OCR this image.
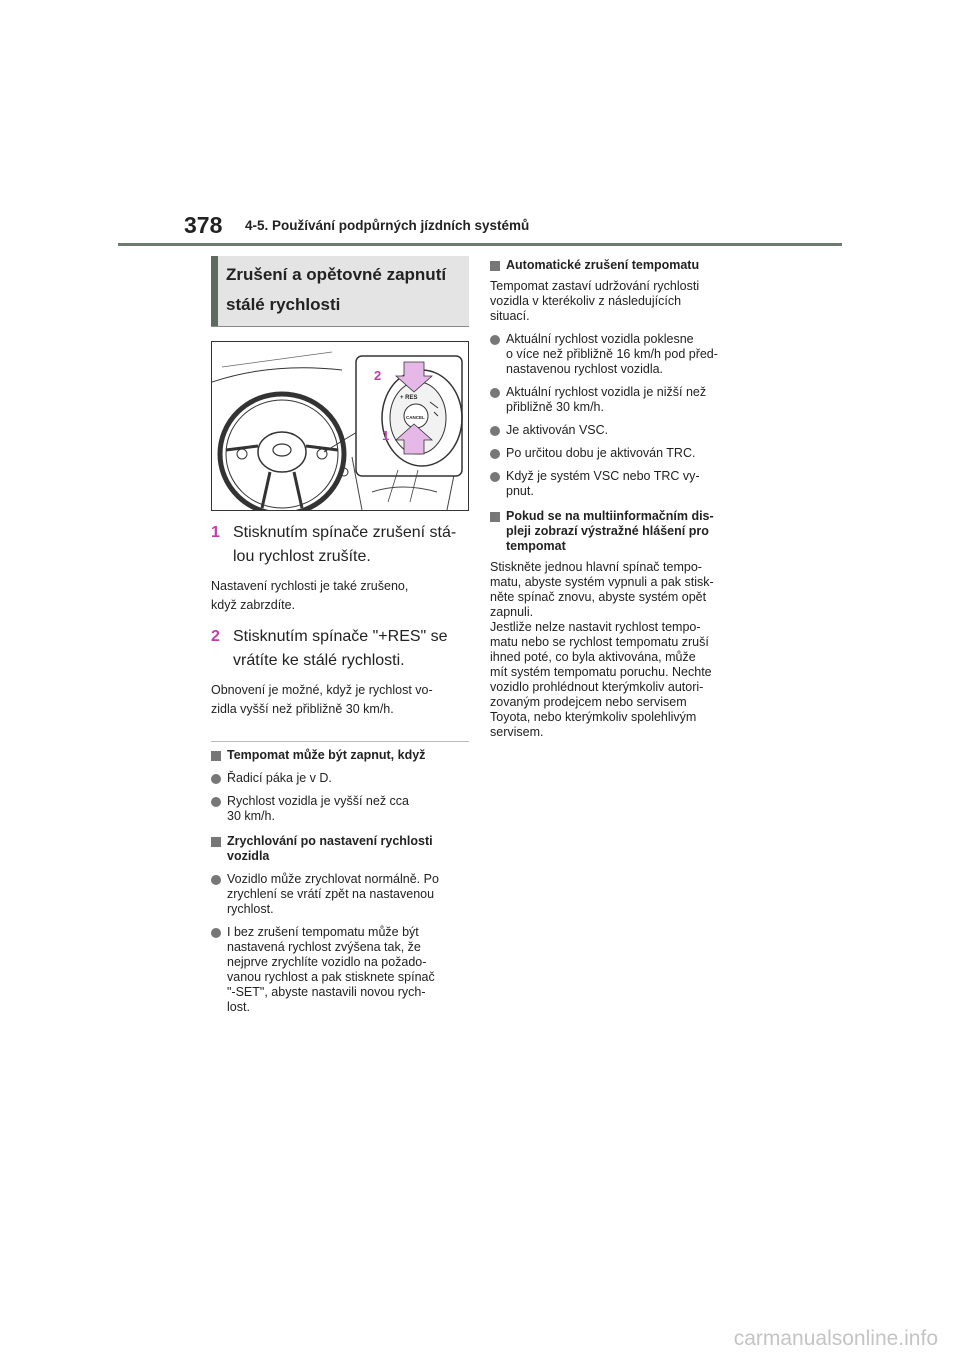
378 4-5. Používání podpůrných jízdních systémů
Zrušení a opětovné zapnutí
stálé rychlosti
+ RES
CANCEL
2
1
1 Stisknutím spínače zrušení stá-
lou rychlost zrušíte.
Nastavení rychlosti je také zrušeno,
když zabrzdíte.
2 Stisknutím spínače "+RES" se
vrátíte ke stálé rychlosti.
Obnovení je možné, když je rychlost vo-
zidla vyšší než přibližně 30 km/h.
Tempomat může být zapnut, když
Řadicí páka je v D.
Rychlost vozidla je vyšší než cca
30 km/h.
Zrychlování po nastavení rychlosti
vozidla
Vozidlo může zrychlovat normálně. Po
zrychlení se vrátí zpět na nastavenou
rychlost.
I bez zrušení tempomatu může být
nastavená rychlost zvýšena tak, že
nejprve zrychlíte vozidlo na požado-
vanou rychlost a pak stisknete spínač
"-SET", abyste nastavili novou rych-
lost.
Automatické zrušení tempomatu
Tempomat zastaví udržování rychlosti
vozidla v kterékoliv z následujících
situací.
Aktuální rychlost vozidla poklesne
o více než přibližně 16 km/h pod před-
nastavenou rychlost vozidla.
Aktuální rychlost vozidla je nižší než
přibližně 30 km/h.
Je aktivován VSC.
Po určitou dobu je aktivován TRC.
Když je systém VSC nebo TRC vy-
pnut.
Pokud se na multiinformačním dis-
pleji zobrazí výstražné hlášení pro
tempomat
Stiskněte jednou hlavní spínač tempo-
matu, abyste systém vypnuli a pak stisk-
něte spínač znovu, abyste systém opět
zapnuli.
Jestliže nelze nastavit rychlost tempo-
matu nebo se rychlost tempomatu zruší
ihned poté, co byla aktivována, může
mít systém tempomatu poruchu. Nechte
vozidlo prohlédnout kterýmkoliv autori-
zovaným prodejcem nebo servisem
Toyota, nebo kterýmkoliv spolehlivým
servisem.
carmanualsonline.info
